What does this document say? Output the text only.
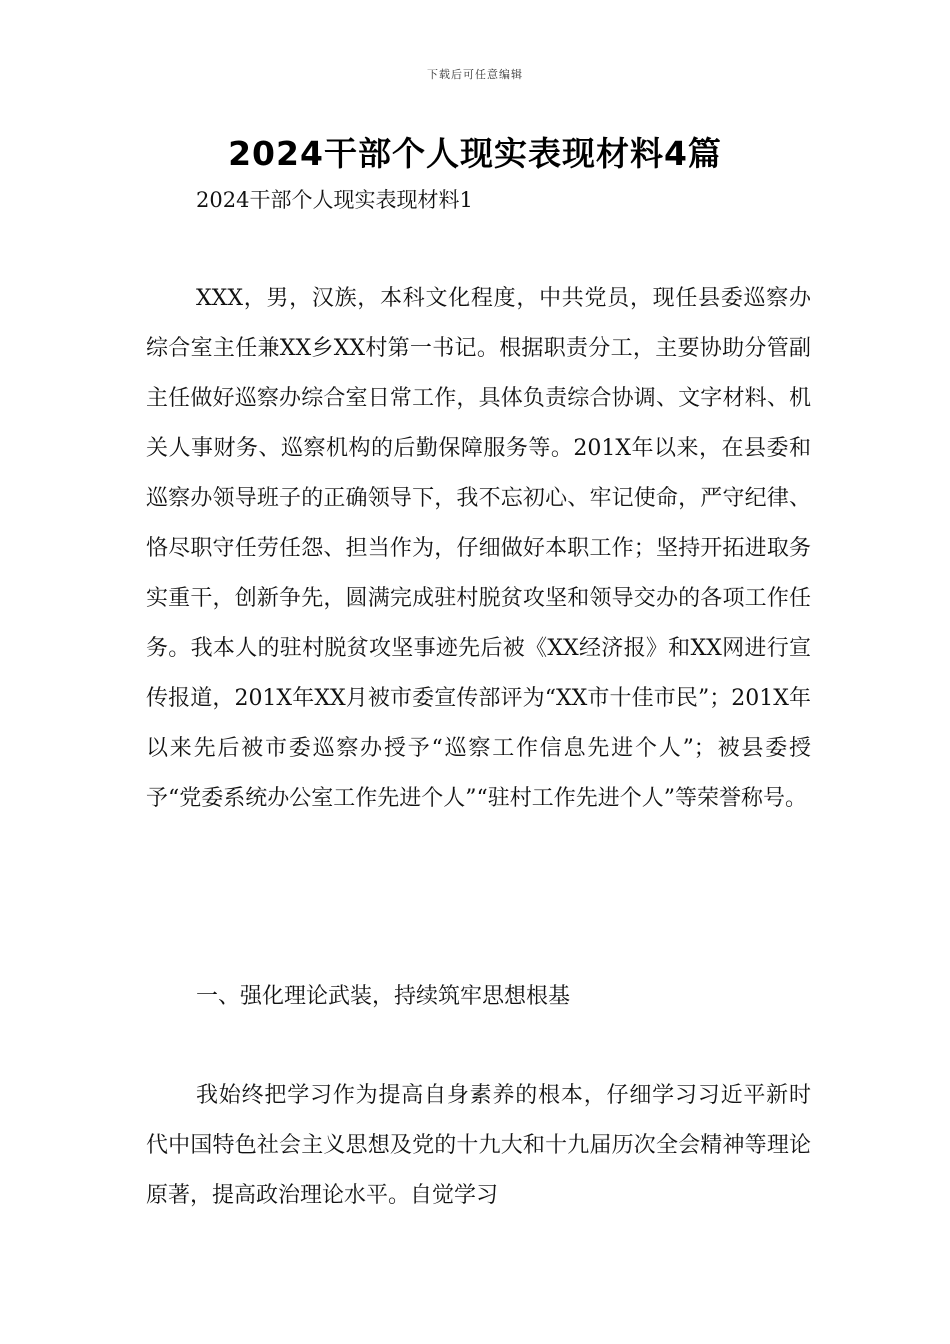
下载后可任意编辑
2024干部个人现实表现材料4篇

2024干部个人现实表现材料1

XXX，男，汉族，本科文化程度，中共党员，现任县委巡察办综合室主任兼XX乡XX村第一书记。根据职责分工，主要协助分管副主任做好巡察办综合室日常工作，具体负责综合协调、文字材料、机关人事财务、巡察机构的后勤保障服务等。201X年以来，在县委和巡察办领导班子的正确领导下，我不忘初心、牢记使命，严守纪律、恪尽职守任劳任怨、担当作为，仔细做好本职工作；坚持开拓进取务实重干，创新争先，圆满完成驻村脱贫攻坚和领导交办的各项工作任务。我本人的驻村脱贫攻坚事迹先后被《XX经济报》和XX网进行宣传报道，201X年XX月被市委宣传部评为“XX市十佳市民”；201X年以来先后被市委巡察办授予“巡察工作信息先进个人”；被县委授予“党委系统办公室工作先进个人”“驻村工作先进个人”等荣誉称号。

一、强化理论武装，持续筑牢思想根基

我始终把学习作为提高自身素养的根本，仔细学习习近平新时代中国特色社会主义思想及党的十九大和十九届历次全会精神等理论原著，提高政治理论水平。自觉学习
